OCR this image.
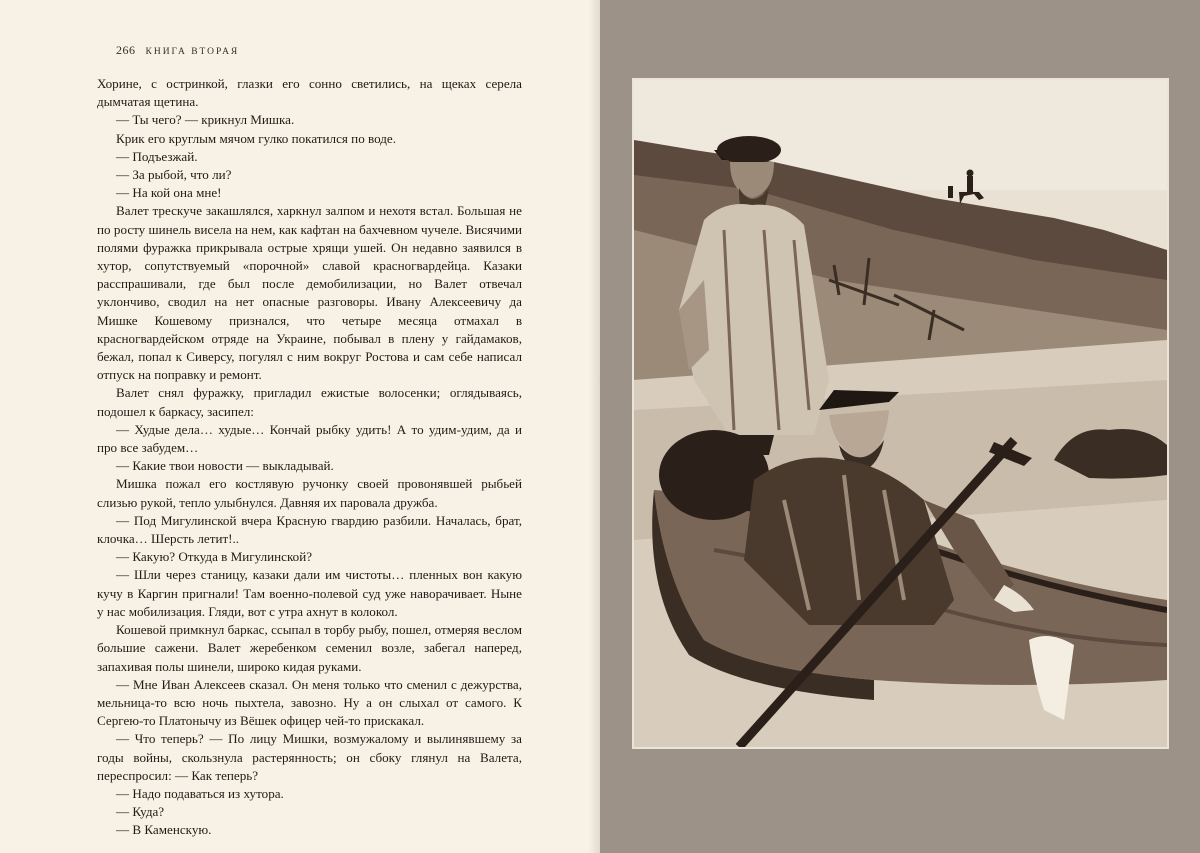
266 КНИГА ВТОРАЯ

Хорине, с остринкой, глазки его сонно светились, на щеках серела дымчатая щетина.

— Ты чего? — крикнул Мишка.

Крик его круглым мячом гулко покатился по воде.

— Подъезжай.

— За рыбой, что ли?

— На кой она мне!

Валет трескуче закашлялся, харкнул залпом и нехотя встал. Большая не по росту шинель висела на нем, как кафтан на бахчевном чучеле. Висячими полями фуражка прикрывала острые хрящи ушей. Он недавно заявился в хутор, сопутствуемый «порочной» славой красногвардейца. Казаки расспрашивали, где был после демобилизации, но Валет отвечал уклончиво, сводил на нет опасные разговоры. Ивану Алексеевичу да Мишке Кошевому признался, что четыре месяца отмахал в красногвардейском отряде на Украине, побывал в плену у гайдамаков, бежал, попал к Сиверсу, погулял с ним вокруг Ростова и сам себе написал отпуск на поправку и ремонт.

Валет снял фуражку, пригладил ежистые волосенки; оглядываясь, подошел к баркасу, засипел:

— Худые дела… худые… Кончай рыбку удить! А то удим-удим, да и про все забудем…

— Какие твои новости — выкладывай.

Мишка пожал его костлявую ручонку своей провонявшей рыбьей слизью рукой, тепло улыбнулся. Давняя их паровала дружба.

— Под Мигулинской вчера Красную гвардию разбили. Началась, брат, клочка… Шерсть летит!..

— Какую? Откуда в Мигулинской?

— Шли через станицу, казаки дали им чистоты… пленных вон какую кучу в Каргин пригнали! Там военно-полевой суд уже наворачивает. Ныне у нас мобилизация. Гляди, вот с утра ахнут в колокол.

Кошевой примкнул баркас, ссыпал в торбу рыбу, пошел, отмеряя веслом большие сажени. Валет жеребенком семенил возле, забегал наперед, запахивая полы шинели, широко кидая руками.

— Мне Иван Алексеев сказал. Он меня только что сменил с дежурства, мельница-то всю ночь пыхтела, завозно. Ну а он слыхал от самого. К Сергею-то Платонычу из Вёшек офицер чей-то прискакал.

— Что теперь? — По лицу Мишки, возмужалому и вылинявшему за годы войны, скользнула растерянность; он сбоку глянул на Валета, переспросил: — Как теперь?

— Надо подаваться из хутора.

— Куда?

— В Каменскую.
